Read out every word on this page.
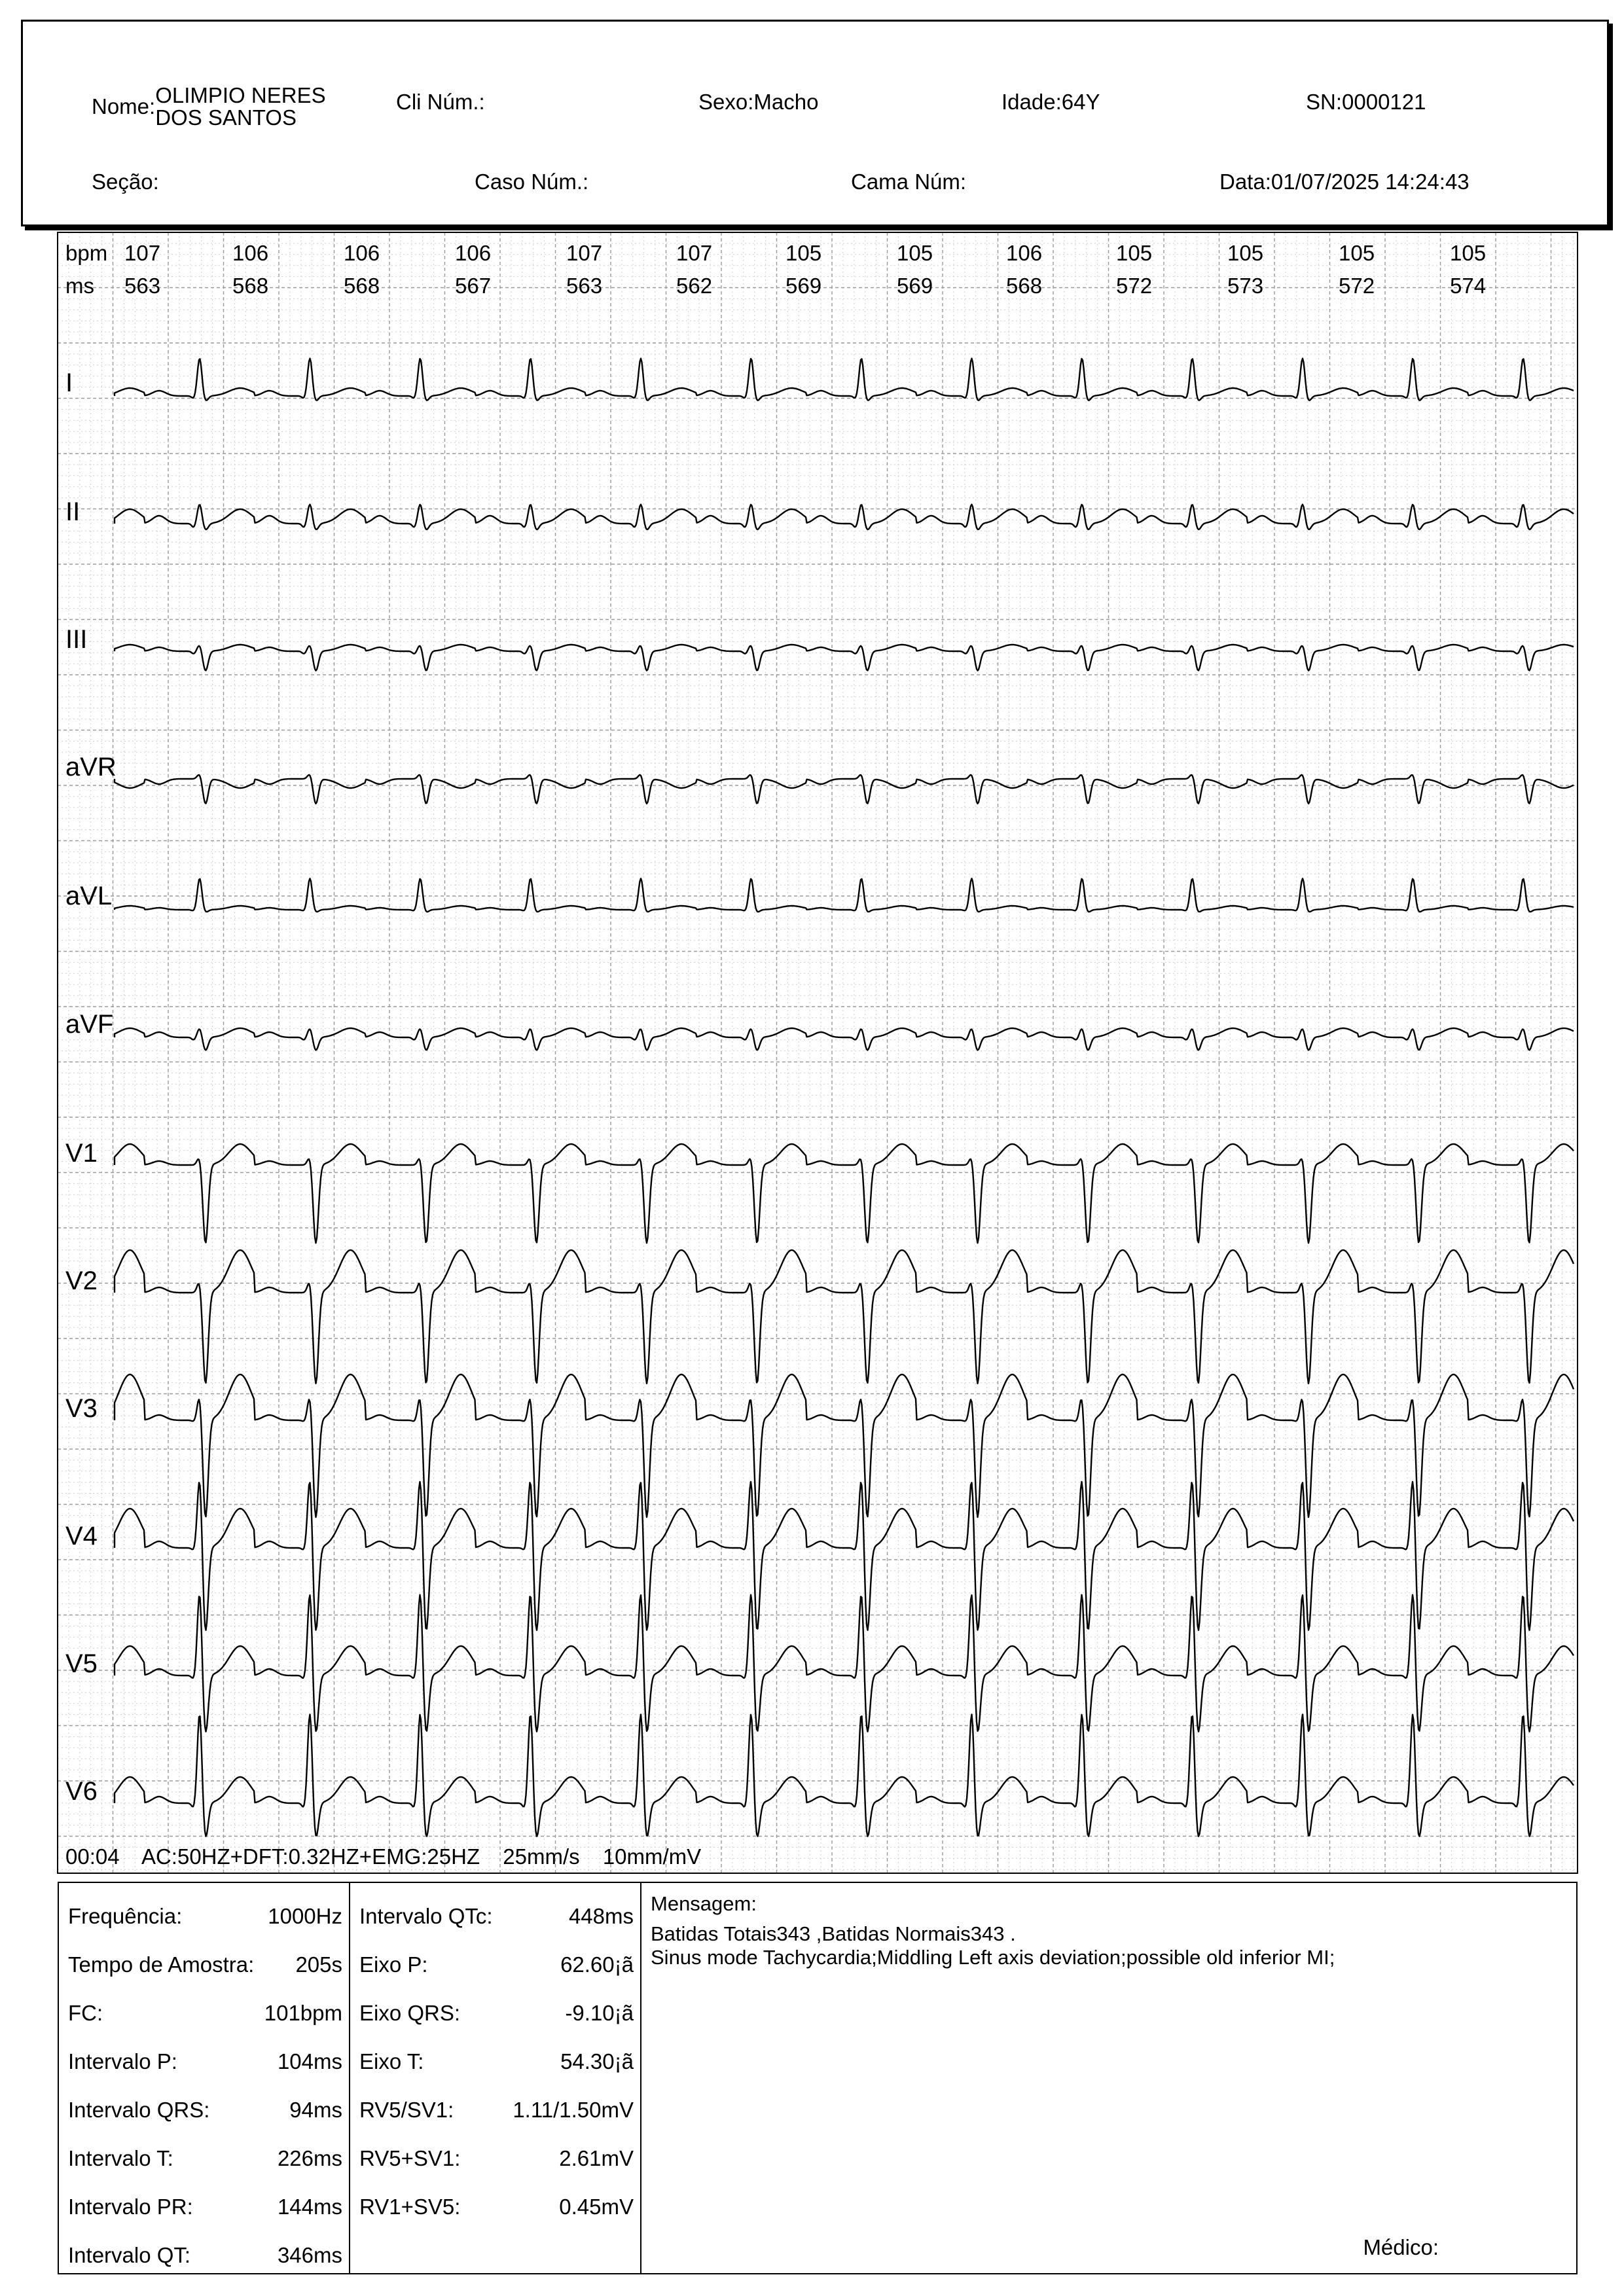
Nome:OLIMPIO NERES
DOS SANTOS
Cli Núm.:	Sexo:Macho	Idade:64Y	SN:0000121
Seção:	Caso Núm.:	Cama Núm:	Data:01/07/2025 14:24:43
bpm
ms
107	106	106	106	107	107	105	105	106	105	105	105	105
563	568	568	567	563	562	569	569	568	572	573	572	574
I
II
III
aVR
aVL
aVF
V1
V2
V3
V4
V5
V6
00:04 AC:50HZ+DFT:0.32HZ+EMG:25HZ 25mm/s 10mm/mV
Frequência:	1000Hz
Tempo de Amostra: 205s
FC:	101bpm
Intervalo P:	104ms
Intervalo QRS:	94ms
Intervalo T:	226ms
Intervalo PR:	144ms
Intervalo QT:	346ms
Intervalo QTc:	448ms
Eixo P:	62.60¡ã
Eixo QRS:	-9.10¡ã
Eixo T:	54.30¡ã
RV5/SV1:	1.11/1.50mV
RV5+SV1:	2.61mV
RV1+SV5:	0.45mV
Mensagem:
Batidas Totais343 ,Batidas Normais343 .
Sinus mode Tachycardia;Middling Left axis deviation;possible old inferior MI;
Médico:
